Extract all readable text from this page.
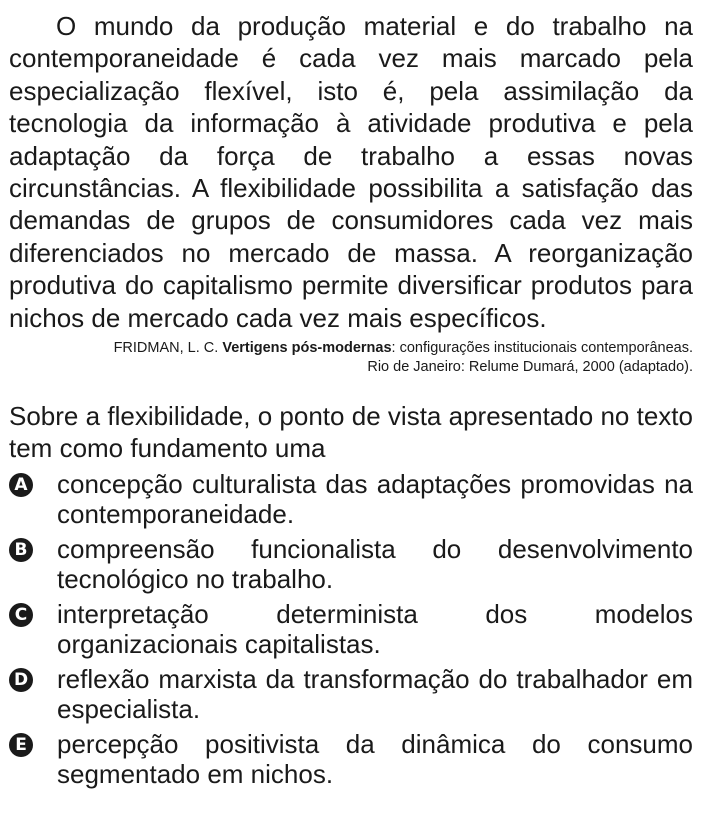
O mundo da produção material e do trabalho na contemporaneidade é cada vez mais marcado pela especialização flexível, isto é, pela assimilação da tecnologia da informação à atividade produtiva e pela adaptação da força de trabalho a essas novas circunstâncias. A flexibilidade possibilita a satisfação das demandas de grupos de consumidores cada vez mais diferenciados no mercado de massa. A reorganização produtiva do capitalismo permite diversificar produtos para nichos de mercado cada vez mais específicos.

FRIDMAN, L. C. Vertigens pós-modernas: configurações institucionais contemporâneas.
Rio de Janeiro: Relume Dumará, 2000 (adaptado).

Sobre a flexibilidade, o ponto de vista apresentado no texto tem como fundamento uma

A concepção culturalista das adaptações promovidas na contemporaneidade.
B compreensão funcionalista do desenvolvimento tecnológico no trabalho.
C interpretação determinista dos modelos organizacionais capitalistas.
D reflexão marxista da transformação do trabalhador em especialista.
E percepção positivista da dinâmica do consumo segmentado em nichos.
